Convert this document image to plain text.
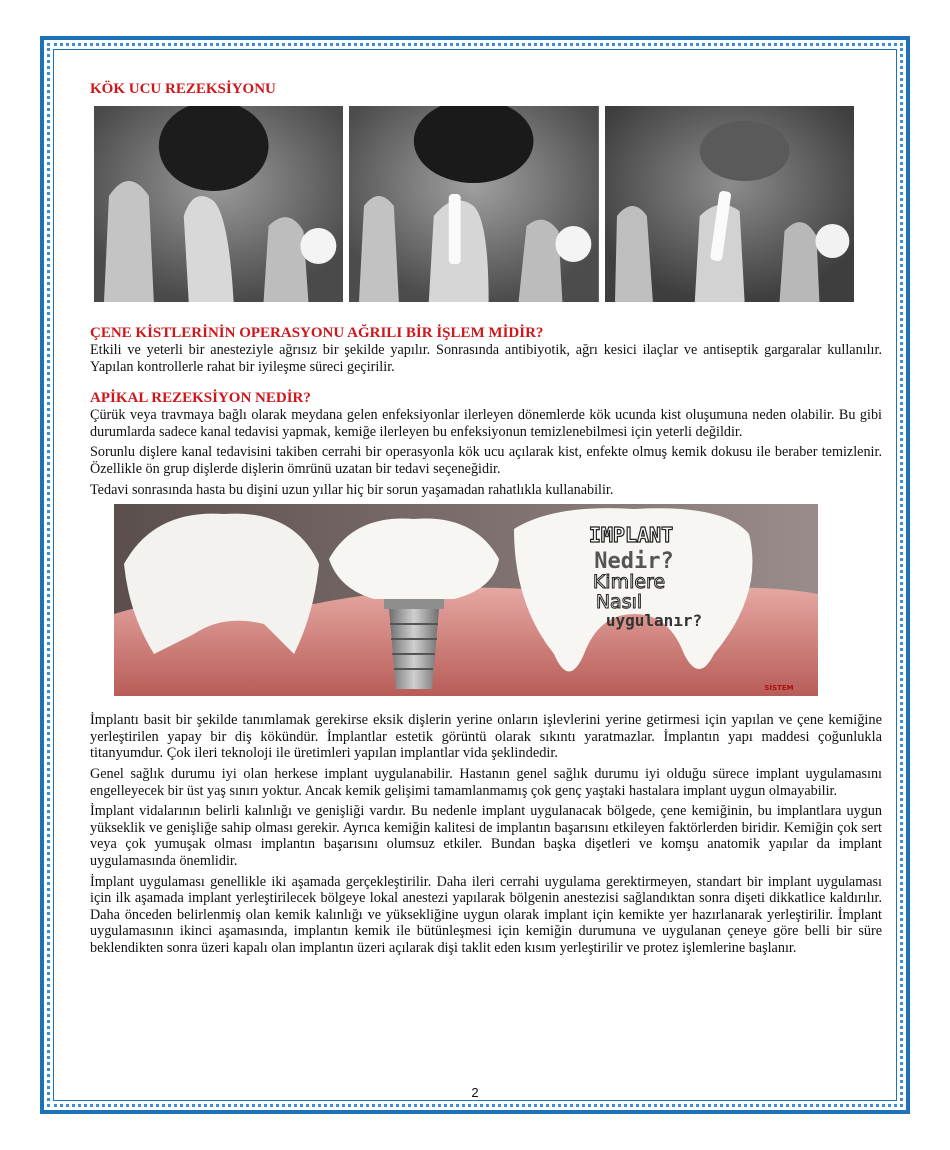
KÖK UCU REZEKSİYONU
ÇENE KİSTLERİNİN OPERASYONU AĞRILI BİR İŞLEM MİDİR?

Etkili ve yeterli bir anesteziyle ağrısız bir şekilde yapılır. Sonrasında antibiyotik, ağrı kesici ilaçlar ve antiseptik gargaralar kullanılır. Yapılan kontrollerle rahat bir iyileşme süreci geçirilir.

APİKAL REZEKSİYON NEDİR?

Çürük veya travmaya bağlı olarak meydana gelen enfeksiyonlar ilerleyen dönemlerde kök ucunda kist oluşumuna neden olabilir. Bu gibi durumlarda sadece kanal tedavisi yapmak, kemiğe ilerleyen bu enfeksiyonun temizlenebilmesi için yeterli değildir.

Sorunlu dişlere kanal tedavisini takiben cerrahi bir operasyonla kök ucu açılarak kist, enfekte olmuş kemik dokusu ile beraber temizlenir. Özellikle ön grup dişlerde dişlerin ömrünü uzatan bir tedavi seçeneğidir.

Tedavi sonrasında hasta bu dişini uzun yıllar hiç bir sorun yaşamadan rahatlıkla kullanabilir.

IMPLANT
Nedir?
Kimlere
Nasıl
uygulanır?
SİSTEM

İmplantı basit bir şekilde tanımlamak gerekirse eksik dişlerin yerine onların işlevlerini yerine getirmesi için yapılan ve çene kemiğine yerleştirilen yapay bir diş kökündür. İmplantlar estetik görüntü olarak sıkıntı yaratmazlar. İmplantın yapı maddesi çoğunlukla titanyumdur. Çok ileri teknoloji ile üretimleri yapılan implantlar vida şeklindedir.

Genel sağlık durumu iyi olan herkese implant uygulanabilir. Hastanın genel sağlık durumu iyi olduğu sürece implant uygulamasını engelleyecek bir üst yaş sınırı yoktur. Ancak kemik gelişimi tamamlanmamış çok genç yaştaki hastalara implant uygun olmayabilir.

İmplant vidalarının belirli kalınlığı ve genişliği vardır. Bu nedenle implant uygulanacak bölgede, çene kemiğinin, bu implantlara uygun yükseklik ve genişliğe sahip olması gerekir. Ayrıca kemiğin kalitesi de implantın başarısını etkileyen faktörlerden biridir. Kemiğin çok sert veya çok yumuşak olması implantın başarısını olumsuz etkiler. Bundan başka dişetleri ve komşu anatomik yapılar da implant uygulamasında önemlidir.

İmplant uygulaması genellikle iki aşamada gerçekleştirilir. Daha ileri cerrahi uygulama gerektirmeyen, standart bir implant uygulaması için ilk aşamada implant yerleştirilecek bölgeye lokal anestezi yapılarak bölgenin anestezisi sağlandıktan sonra dişeti dikkatlice kaldırılır. Daha önceden belirlenmiş olan kemik kalınlığı ve yüksekliğine uygun olarak implant için kemikte yer hazırlanarak yerleştirilir. İmplant uygulamasının ikinci aşamasında, implantın kemik ile bütünleşmesi için kemiğin durumuna ve uygulanan çeneye göre belli bir süre beklendikten sonra üzeri kapalı olan implantın üzeri açılarak dişi taklit eden kısım yerleştirilir ve protez işlemlerine başlanır.

2
